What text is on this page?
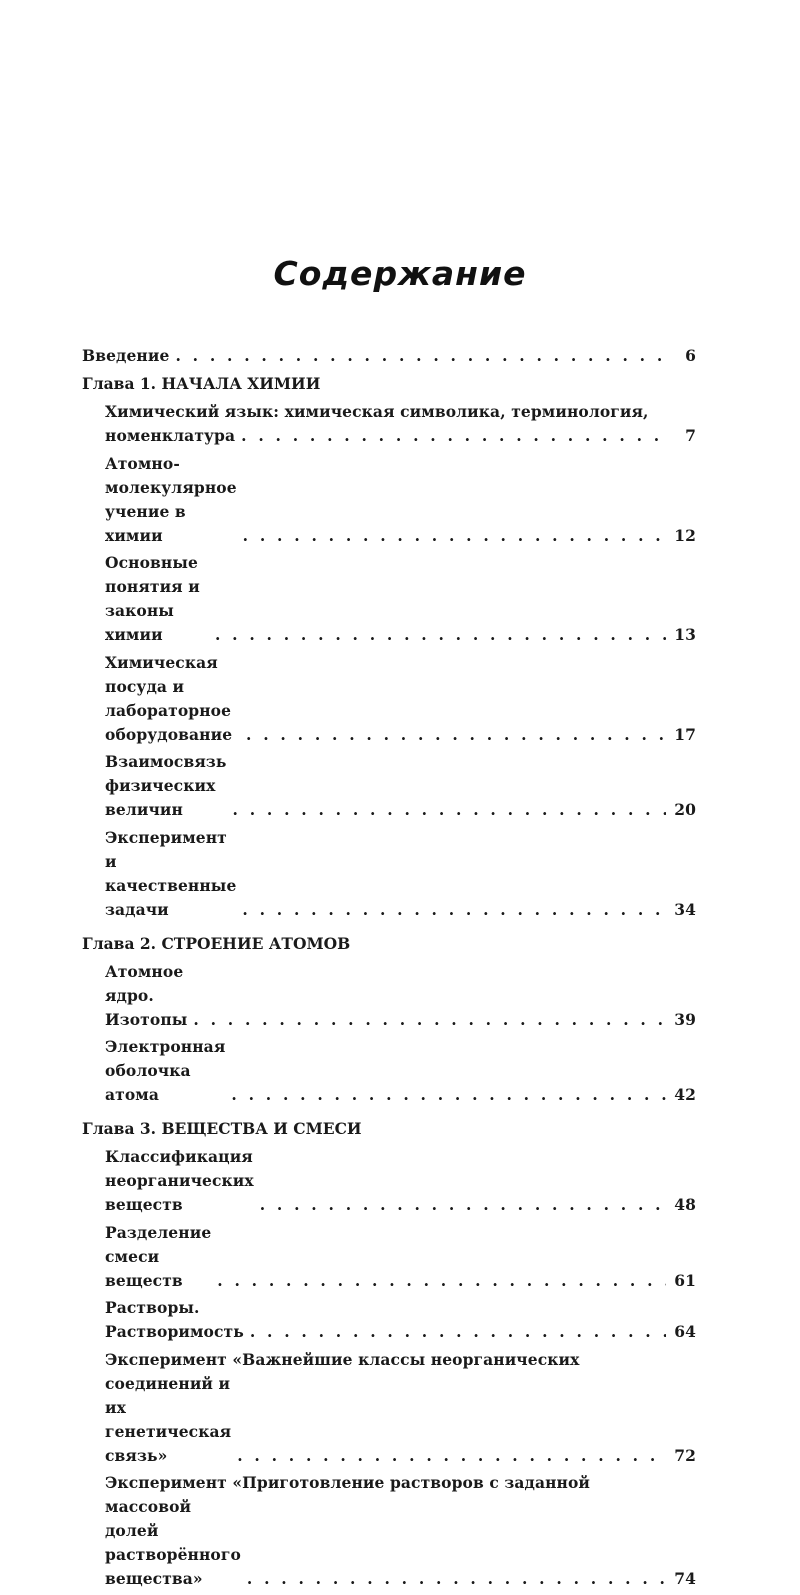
Содержание
Введение . . .	6
Глава 1. НАЧАЛА ХИМИИ
Химический язык: химическая символика, терминология,
номенклатура . . .	7
Атомно-молекулярное учение в химии . . .	12
Основные понятия и законы химии . . .	13
Химическая посуда и лабораторное оборудование . . .	17
Взаимосвязь физических величин . . .	20
Эксперимент и качественные задачи . . .	34
Глава 2. СТРОЕНИЕ АТОМОВ
Атомное ядро. Изотопы . . .	39
Электронная оболочка атома . . .	42
Глава 3. ВЕЩЕСТВА И СМЕСИ
Классификация неорганических веществ . . .	48
Разделение смеси веществ . . .	61
Растворы. Растворимость . . .	64
Эксперимент «Важнейшие классы неорганических
соединений и их генетическая связь» . . .	72
Эксперимент «Приготовление растворов с заданной
массовой долей растворённого вещества» . . .	74
